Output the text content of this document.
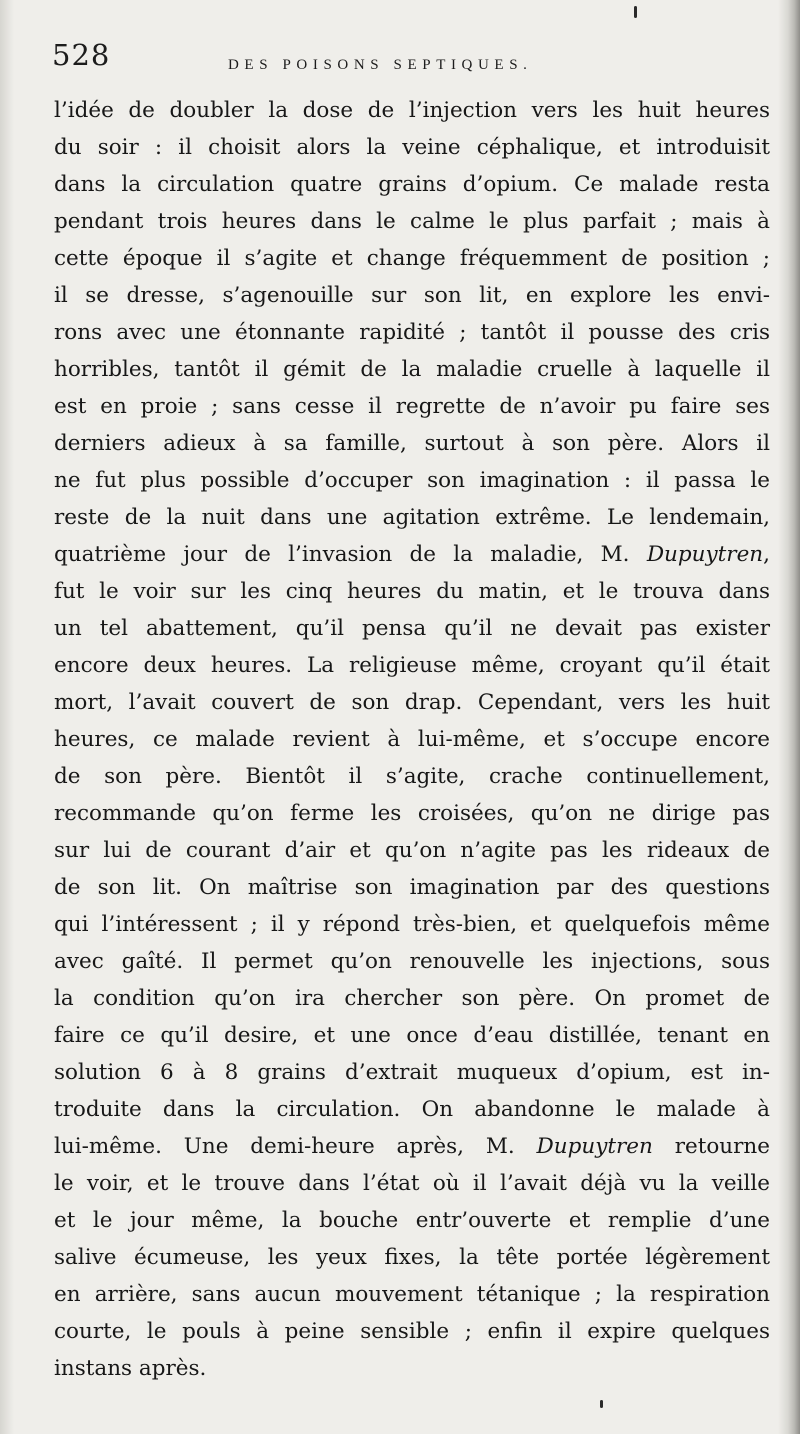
528	DES POISONS SEPTIQUES.
l’idée de doubler la dose de l’injection vers les huit heures
du soir : il choisit alors la veine céphalique, et introduisit
dans la circulation quatre grains d’opium. Ce malade resta
pendant trois heures dans le calme le plus parfait ; mais à
cette époque il s’agite et change fréquemment de position ;
il se dresse, s’agenouille sur son lit, en explore les envi-
rons avec une étonnante rapidité ; tantôt il pousse des cris
horribles, tantôt il gémit de la maladie cruelle à laquelle il
est en proie ; sans cesse il regrette de n’avoir pu faire ses
derniers adieux à sa famille, surtout à son père. Alors il
ne fut plus possible d’occuper son imagination : il passa le
reste de la nuit dans une agitation extrême. Le lendemain,
quatrième jour de l’invasion de la maladie, M. Dupuytren,
fut le voir sur les cinq heures du matin, et le trouva dans
un tel abattement, qu’il pensa qu’il ne devait pas exister
encore deux heures. La religieuse même, croyant qu’il était
mort, l’avait couvert de son drap. Cependant, vers les huit
heures, ce malade revient à lui-même, et s’occupe encore
de son père. Bientôt il s’agite, crache continuellement,
recommande qu’on ferme les croisées, qu’on ne dirige pas
sur lui de courant d’air et qu’on n’agite pas les rideaux de
de son lit. On maîtrise son imagination par des questions
qui l’intéressent ; il y répond très-bien, et quelquefois même
avec gaîté. Il permet qu’on renouvelle les injections, sous
la condition qu’on ira chercher son père. On promet de
faire ce qu’il desire, et une once d’eau distillée, tenant en
solution 6 à 8 grains d’extrait muqueux d’opium, est in-
troduite dans la circulation. On abandonne le malade à
lui-même. Une demi-heure après, M. Dupuytren retourne
le voir, et le trouve dans l’état où il l’avait déjà vu la veille
et le jour même, la bouche entr’ouverte et remplie d’une
salive écumeuse, les yeux fixes, la tête portée légèrement
en arrière, sans aucun mouvement tétanique ; la respiration
courte, le pouls à peine sensible ; enfin il expire quelques
instans après.
